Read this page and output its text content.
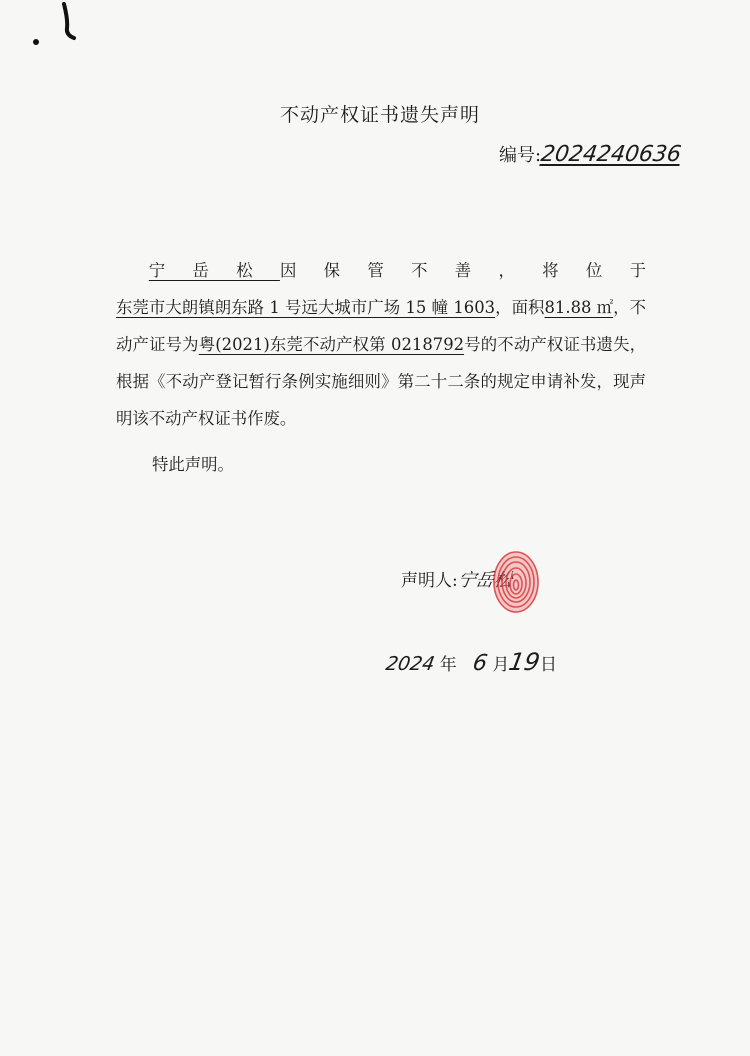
不动产权证书遗失声明
编号:2024240636

宁岳松因保管不善，将位于东莞市大朗镇朗东路 1 号远大城市广场 15 幢 1603，面积81.88 ㎡，不动产证号为粤(2021)东莞不动产权第 0218792号的不动产权证书遗失，根据《不动产登记暂行条例实施细则》第二十二条的规定申请补发，现声明该不动产权证书作废。

特此声明。
声明人:宁岳松
2024 年 6 月19日
